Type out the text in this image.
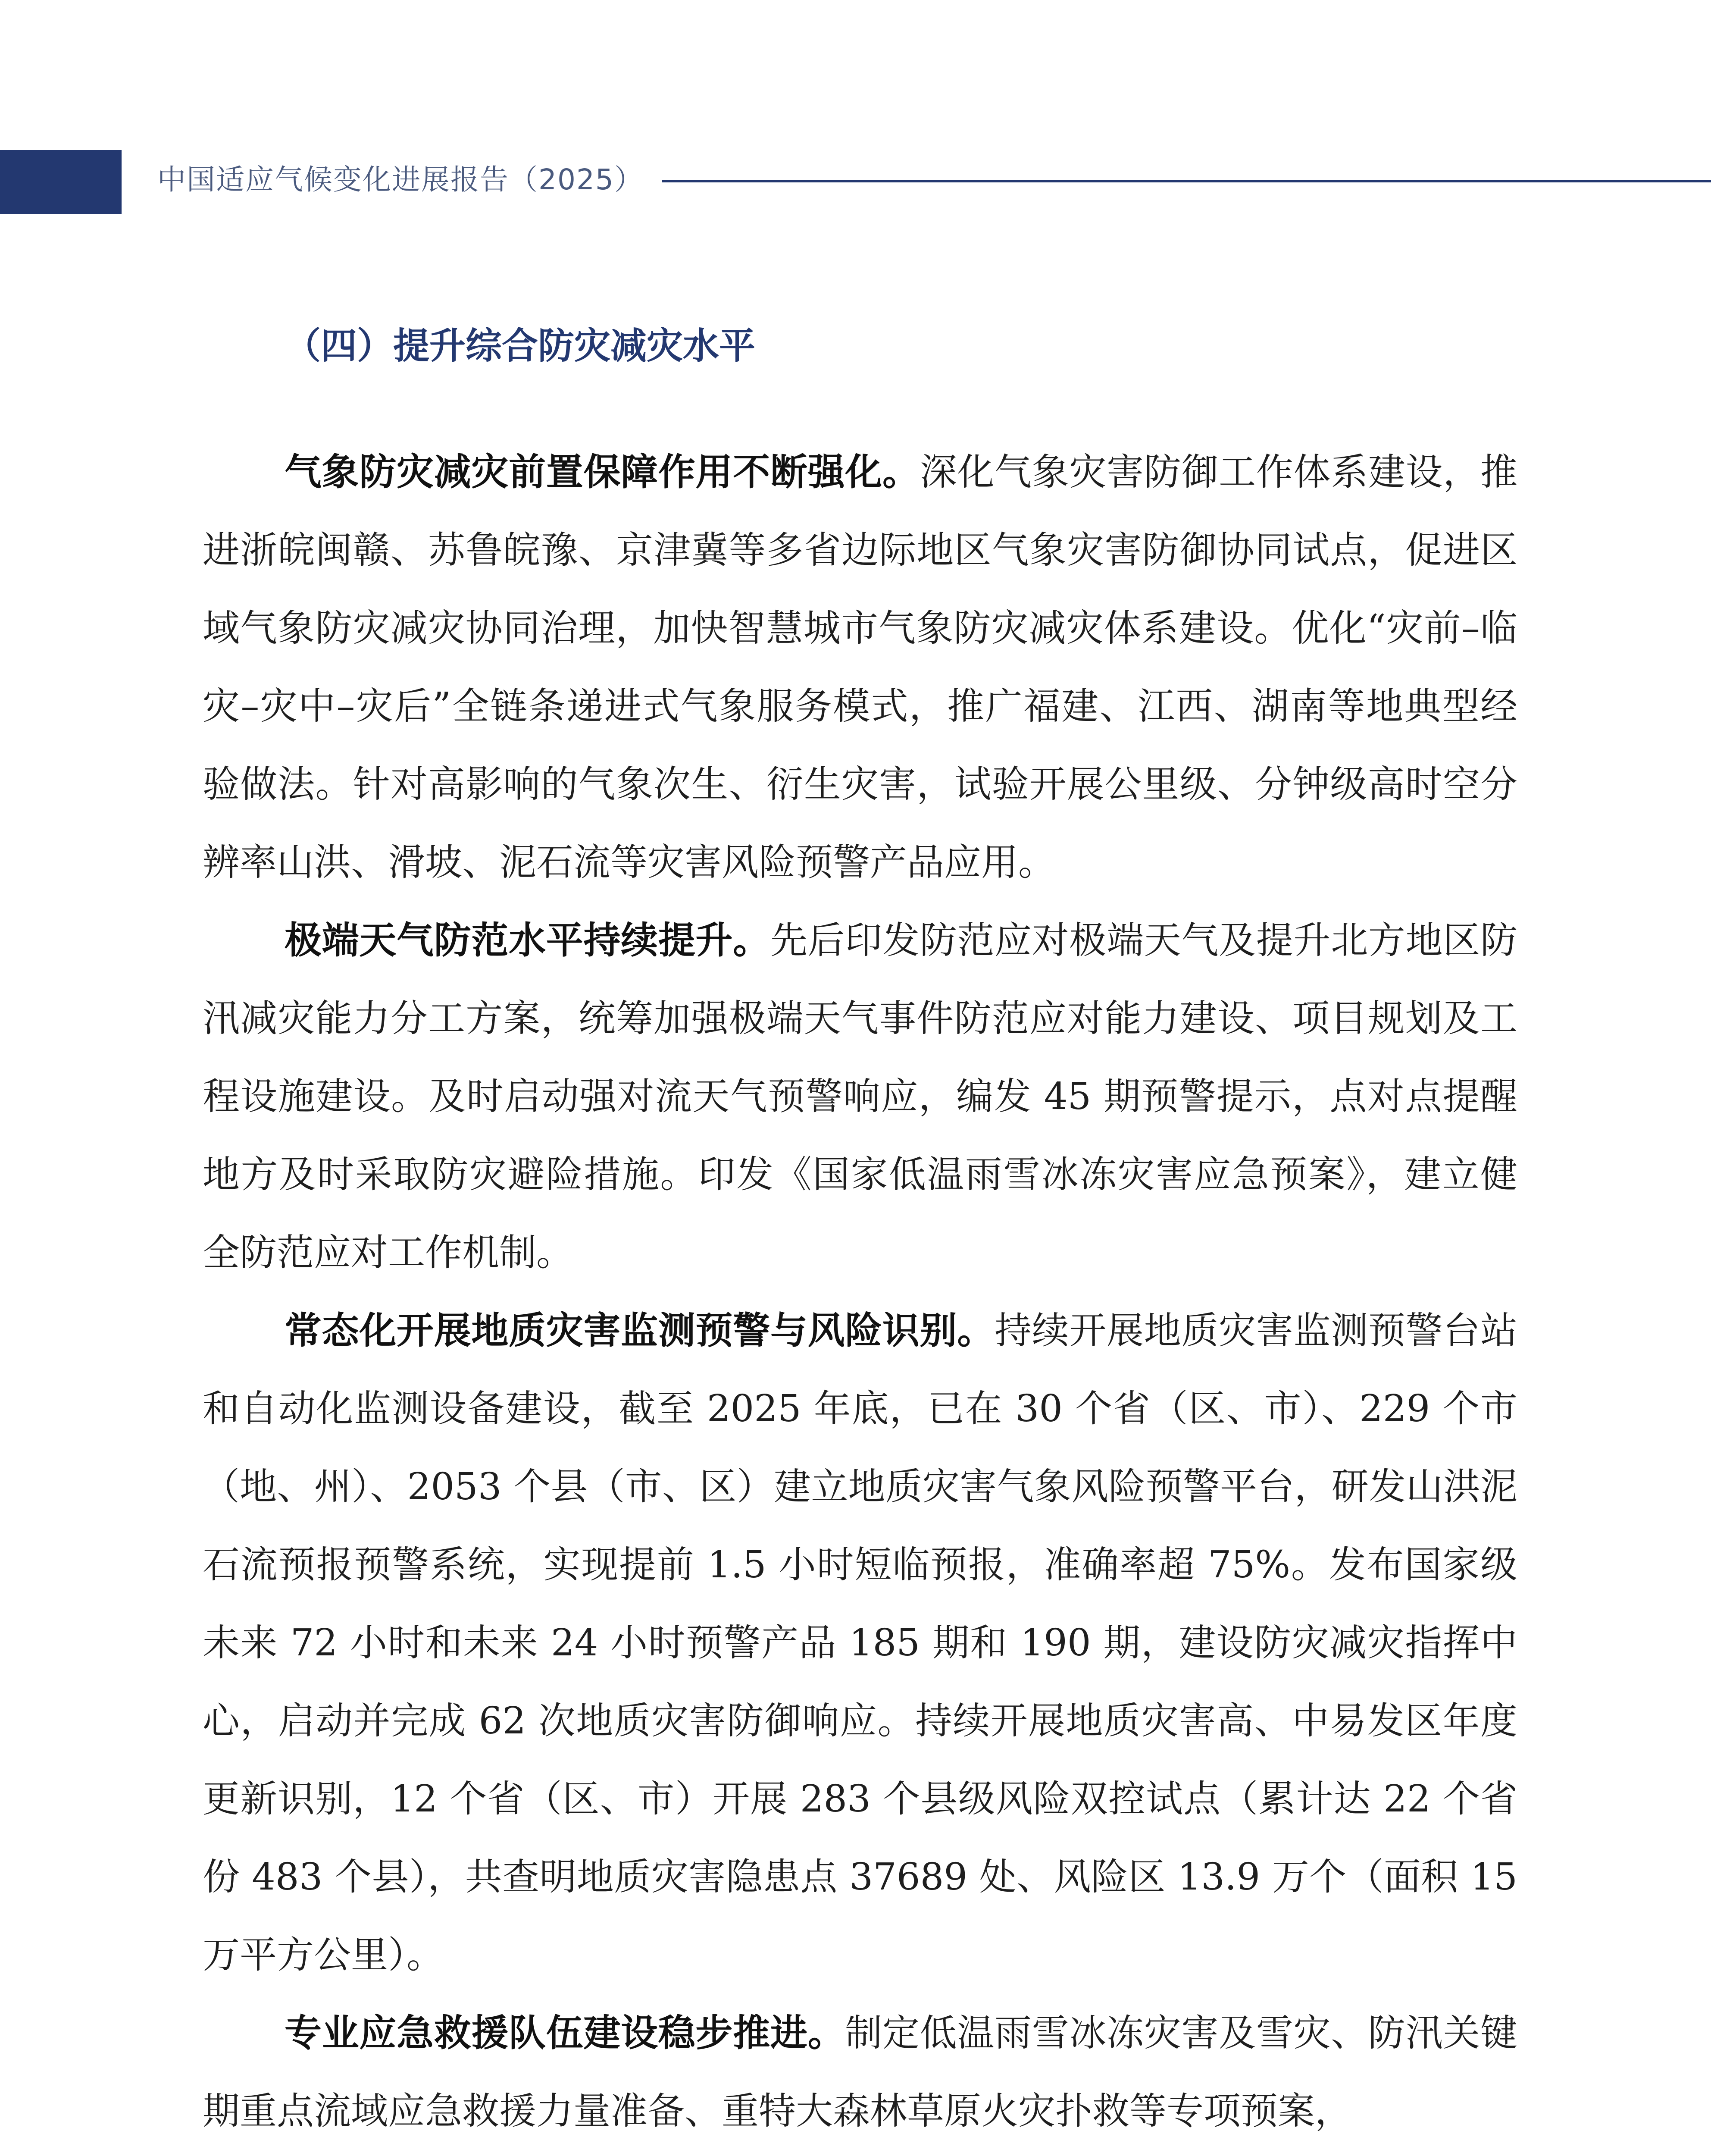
中国适应气候变化进展报告（2025）
（四）提升综合防灾减灾水平

气象防灾减灾前置保障作用不断强化。深化气象灾害防御工作体系建设，推进浙皖闽赣、苏鲁皖豫、京津冀等多省边际地区气象灾害防御协同试点，促进区域气象防灾减灾协同治理，加快智慧城市气象防灾减灾体系建设。优化“灾前–临灾–灾中–灾后”全链条递进式气象服务模式，推广福建、江西、湖南等地典型经验做法。针对高影响的气象次生、衍生灾害，试验开展公里级、分钟级高时空分辨率山洪、滑坡、泥石流等灾害风险预警产品应用。

极端天气防范水平持续提升。先后印发防范应对极端天气及提升北方地区防汛减灾能力分工方案，统筹加强极端天气事件防范应对能力建设、项目规划及工程设施建设。及时启动强对流天气预警响应，编发 45 期预警提示，点对点提醒地方及时采取防灾避险措施。印发《国家低温雨雪冰冻灾害应急预案》，建立健全防范应对工作机制。

常态化开展地质灾害监测预警与风险识别。持续开展地质灾害监测预警台站和自动化监测设备建设，截至 2025 年底，已在 30 个省（区、市）、229 个市（地、州）、2053 个县（市、区）建立地质灾害气象风险预警平台，研发山洪泥石流预报预警系统，实现提前 1.5 小时短临预报，准确率超 75%。发布国家级未来 72 小时和未来 24 小时预警产品 185 期和 190 期，建设防灾减灾指挥中心，启动并完成 62 次地质灾害防御响应。持续开展地质灾害高、中易发区年度更新识别，12 个省（区、市）开展 283 个县级风险双控试点（累计达 22 个省份 483 个县），共查明地质灾害隐患点 37689 处、风险区 13.9 万个（面积 15 万平方公里）。

专业应急救援队伍建设稳步推进。制定低温雨雪冰冻灾害及雪灾、防汛关键期重点流域应急救援力量准备、重特大森林草原火灾扑救等专项预案，
